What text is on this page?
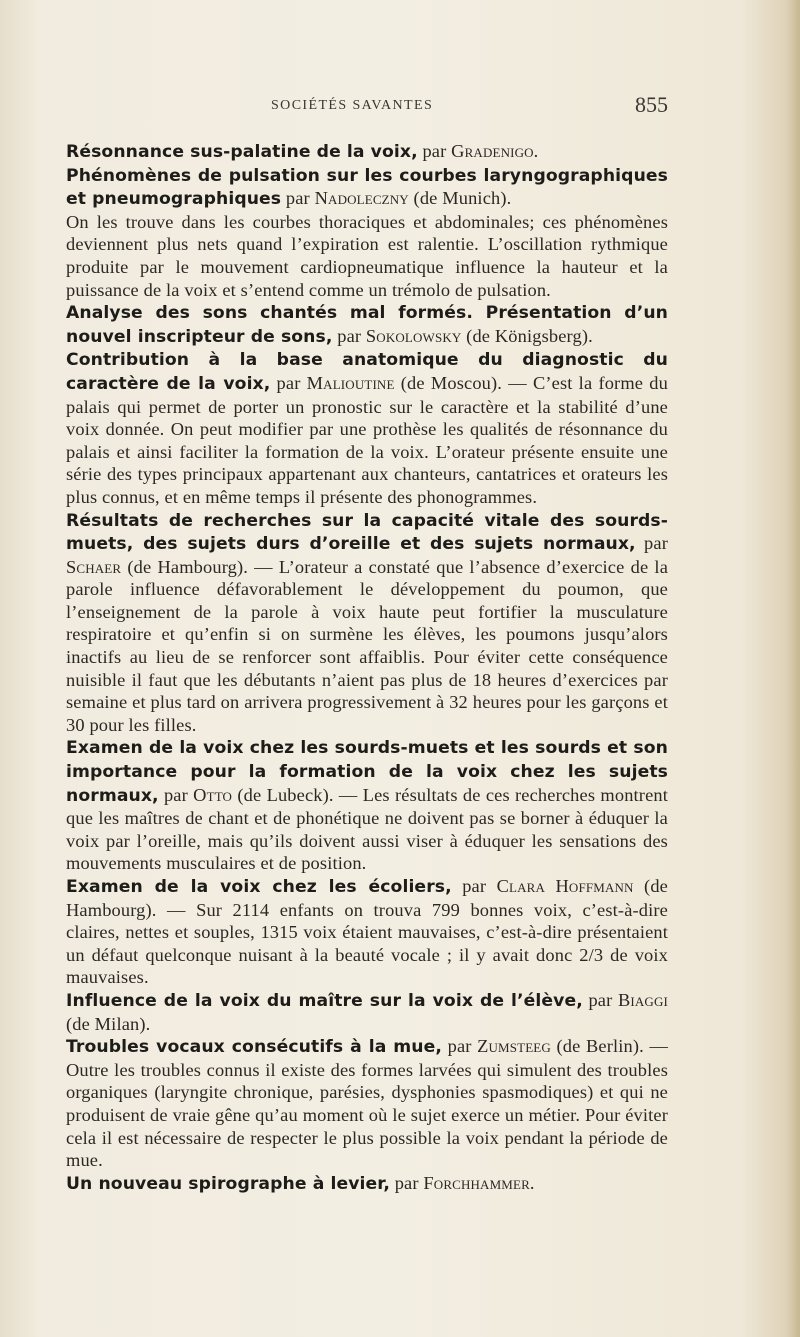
SOCIÉTÉS SAVANTES	855

Résonnance sus-palatine de la voix, par Gradenigo.

Phénomènes de pulsation sur les courbes laryngographiques et pneumographiques par Nadoleczny (de Munich).
On les trouve dans les courbes thoraciques et abdominales; ces phénomènes deviennent plus nets quand l’expiration est ralentie. L’oscillation rythmique produite par le mouvement cardiopneumatique influence la hauteur et la puissance de la voix et s’entend comme un trémolo de pulsation.

Analyse des sons chantés mal formés. Présentation d’un nouvel inscripteur de sons, par Sokolowsky (de Königsberg).

Contribution à la base anatomique du diagnostic du caractère de la voix, par Malioutine (de Moscou). — C’est la forme du palais qui permet de porter un pronostic sur le caractère et la stabilité d’une voix donnée. On peut modifier par une prothèse les qualités de résonnance du palais et ainsi faciliter la formation de la voix. L’orateur présente ensuite une série des types principaux appartenant aux chanteurs, cantatrices et orateurs les plus connus, et en même temps il présente des phonogrammes.

Résultats de recherches sur la capacité vitale des sourds-muets, des sujets durs d’oreille et des sujets normaux, par Schaer (de Hambourg). — L’orateur a constaté que l’absence d’exercice de la parole influence défavorablement le développement du poumon, que l’enseignement de la parole à voix haute peut fortifier la musculature respiratoire et qu’enfin si on surmène les élèves, les poumons jusqu’alors inactifs au lieu de se renforcer sont affaiblis. Pour éviter cette conséquence nuisible il faut que les débutants n’aient pas plus de 18 heures d’exercices par semaine et plus tard on arrivera progressivement à 32 heures pour les garçons et 30 pour les filles.

Examen de la voix chez les sourds-muets et les sourds et son importance pour la formation de la voix chez les sujets normaux, par Otto (de Lubeck). — Les résultats de ces recherches montrent que les maîtres de chant et de phonétique ne doivent pas se borner à éduquer la voix par l’oreille, mais qu’ils doivent aussi viser à éduquer les sensations des mouvements musculaires et de position.

Examen de la voix chez les écoliers, par Clara Hoffmann (de Hambourg). — Sur 2114 enfants on trouva 799 bonnes voix, c’est-à-dire claires, nettes et souples, 1315 voix étaient mauvaises, c’est-à-dire présentaient un défaut quelconque nuisant à la beauté vocale ; il y avait donc 2/3 de voix mauvaises.

Influence de la voix du maître sur la voix de l’élève, par Biaggi (de Milan).

Troubles vocaux consécutifs à la mue, par Zumsteeg (de Berlin). — Outre les troubles connus il existe des formes larvées qui simulent des troubles organiques (laryngite chronique, parésies, dysphonies spasmodiques) et qui ne produisent de vraie gêne qu’au moment où le sujet exerce un métier. Pour éviter cela il est nécessaire de respecter le plus possible la voix pendant la période de mue.

Un nouveau spirographe à levier, par Forchhammer.
